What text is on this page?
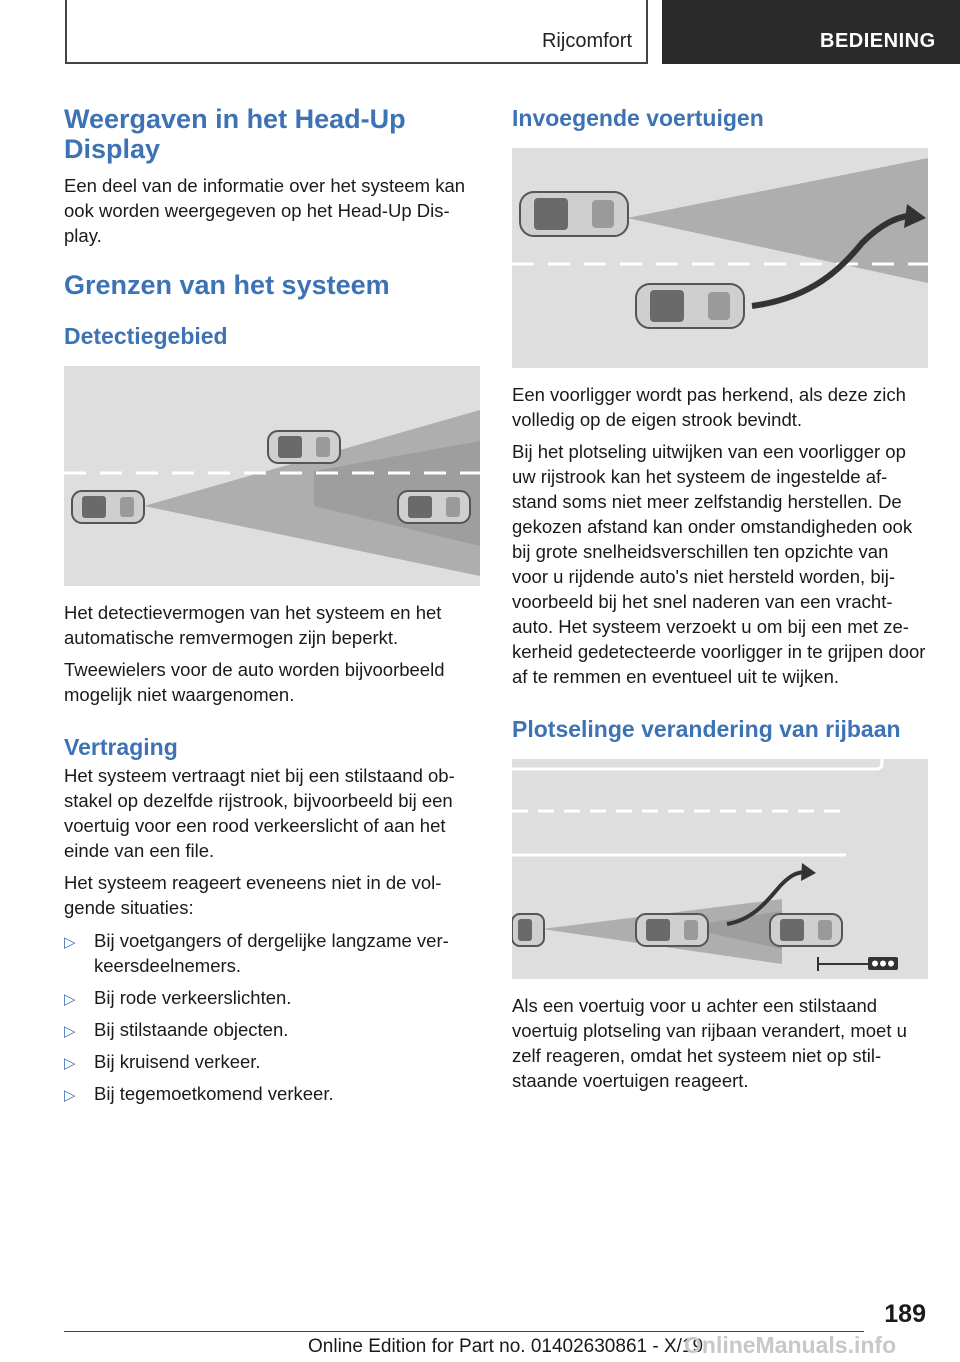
Rijcomfort	BEDIENING
Weergaven in het Head-Up Display

Een deel van de informatie over het systeem kan ook worden weergegeven op het Head-Up Dis-play.

Grenzen van het systeem
Detectiegebied

Het detectievermogen van het systeem en het automatische remvermogen zijn beperkt.

Tweewielers voor de auto worden bijvoorbeeld mogelijk niet waargenomen.

Vertraging

Het systeem vertraagt niet bij een stilstaand ob-stakel op dezelfde rijstrook, bijvoorbeeld bij een voertuig voor een rood verkeerslicht of aan het einde van een file.

Het systeem reageert eveneens niet in de vol-gende situaties:

▷ Bij voetgangers of dergelijke langzame ver-keersdeelnemers.
▷ Bij rode verkeerslichten.
▷ Bij stilstaande objecten.
▷ Bij kruisend verkeer.
▷ Bij tegemoetkomend verkeer.
Invoegende voertuigen

Een voorligger wordt pas herkend, als deze zich volledig op de eigen strook bevindt.

Bij het plotseling uitwijken van een voorligger op uw rijstrook kan het systeem de ingestelde af-stand soms niet meer zelfstandig herstellen. De gekozen afstand kan onder omstandigheden ook bij grote snelheidsverschillen ten opzichte van voor u rijdende auto's niet hersteld worden, bij-voorbeeld bij het snel naderen van een vracht-auto. Het systeem verzoekt u om bij een met ze-kerheid gedetecteerde voorligger in te grijpen door af te remmen en eventueel uit te wijken.

Plotselinge verandering van rijbaan

Als een voertuig voor u achter een stilstaand voertuig plotseling van rijbaan verandert, moet u zelf reageren, omdat het systeem niet op stil-staande voertuigen reageert.

189
Online Edition for Part no. 01402630861 - X/19
OnlineManuals.info
